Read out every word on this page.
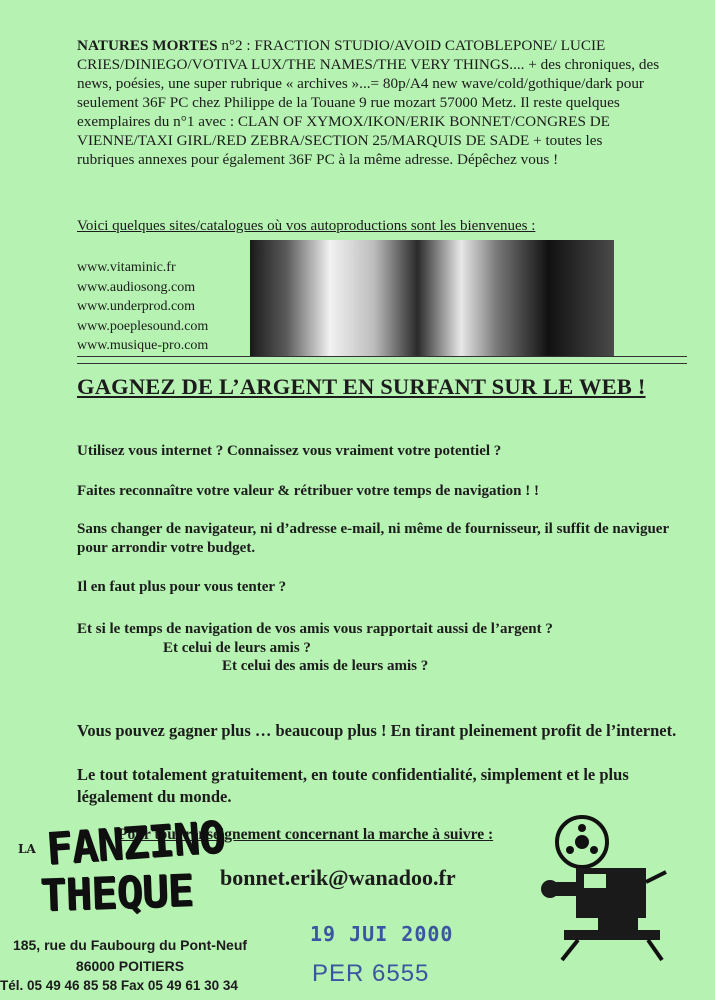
NATURES MORTES n°2 : FRACTION STUDIO/AVOID CATOBLEPONE/ LUCIE CRIES/DINIEGO/VOTIVA LUX/THE NAMES/THE VERY THINGS.... + des chroniques, des news, poésies, une super rubrique « archives »...= 80p/A4 new wave/cold/gothique/dark pour seulement 36F PC chez Philippe de la Touane 9 rue mozart 57000 Metz. Il reste quelques exemplaires du n°1 avec : CLAN OF XYMOX/IKON/ERIK BONNET/CONGRES DE VIENNE/TAXI GIRL/RED ZEBRA/SECTION 25/MARQUIS DE SADE + toutes les rubriques annexes pour également 36F PC à la même adresse. Dépêchez vous !
Voici quelques sites/catalogues où vos autoproductions sont les bienvenues :
www.vitaminic.fr
www.audiosong.com
www.underprod.com
www.poeplesound.com
www.musique-pro.com
GAGNEZ DE L’ARGENT EN SURFANT SUR LE WEB !
Utilisez vous internet ? Connaissez vous vraiment votre potentiel ?
Faites reconnaître votre valeur & rétribuer votre temps de navigation ! !
Sans changer de navigateur, ni d’adresse e-mail, ni même de fournisseur, il suffit de naviguer pour arrondir votre budget.
Il en faut plus pour vous tenter ?
Et si le temps de navigation de vos amis vous rapportait aussi de l’argent ?
Et celui de leurs amis ?
Et celui des amis de leurs amis ?
Vous pouvez gagner plus … beaucoup plus ! En tirant pleinement profit de l’internet.
Le tout totalement gratuitement, en toute confidentialité, simplement et le plus légalement du monde.
Pour tout renseignement concernant la marche à suivre :
bonnet.erik@wanadoo.fr
LA FANZINO
THEQUE
185, rue du Faubourg du Pont-Neuf
86000 POITIERS
Tél. 05 49 46 85 58 Fax 05 49 61 30 34
19 JUI 2000
PER 6555
